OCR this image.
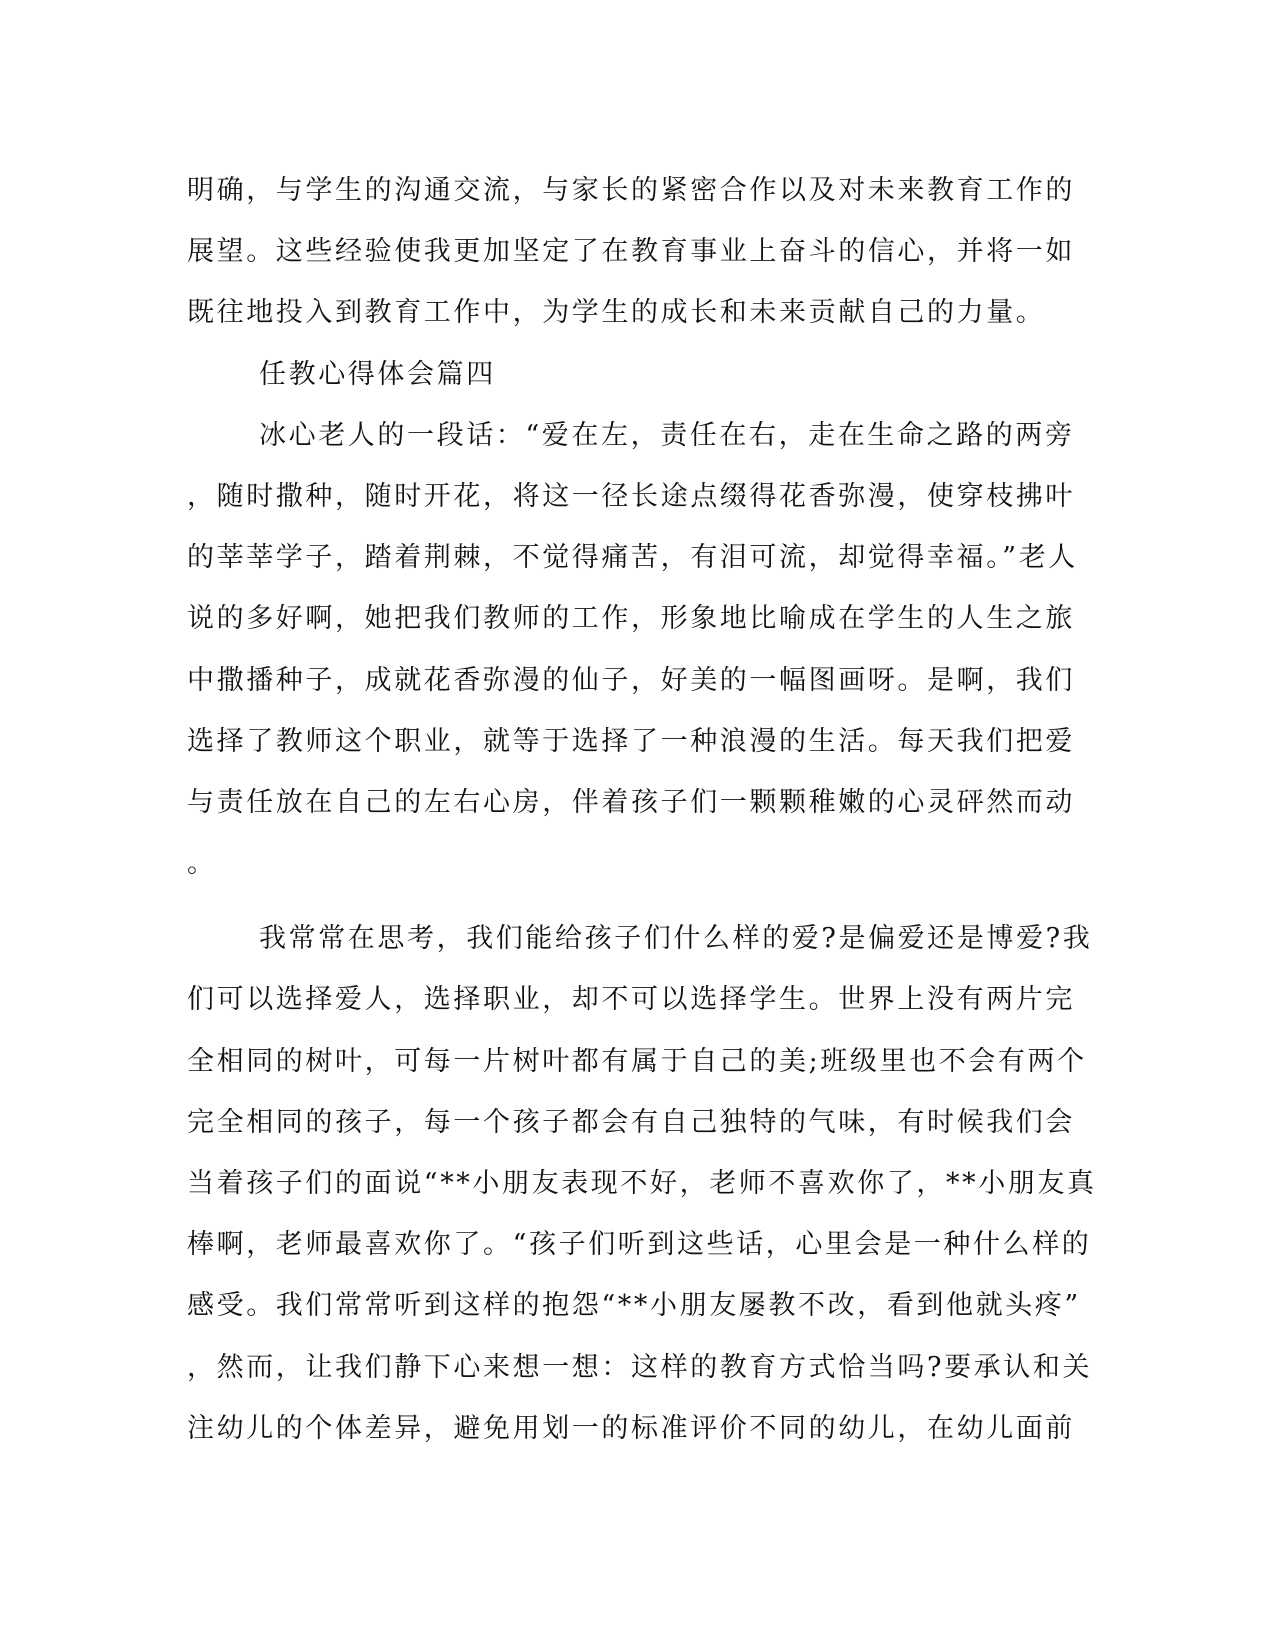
明确，与学生的沟通交流，与家长的紧密合作以及对未来教育工作的
展望。这些经验使我更加坚定了在教育事业上奋斗的信心，并将一如
既往地投入到教育工作中，为学生的成长和未来贡献自己的力量。
任教心得体会篇四
冰心老人的一段话：“爱在左，责任在右，走在生命之路的两旁
，随时撒种，随时开花，将这一径长途点缀得花香弥漫，使穿枝拂叶
的莘莘学子，踏着荆棘，不觉得痛苦，有泪可流，却觉得幸福。”老人
说的多好啊，她把我们教师的工作，形象地比喻成在学生的人生之旅
中撒播种子，成就花香弥漫的仙子，好美的一幅图画呀。是啊，我们
选择了教师这个职业，就等于选择了一种浪漫的生活。每天我们把爱
与责任放在自己的左右心房，伴着孩子们一颗颗稚嫩的心灵砰然而动
。
我常常在思考，我们能给孩子们什么样的爱?是偏爱还是博爱?我
们可以选择爱人，选择职业，却不可以选择学生。世界上没有两片完
全相同的树叶，可每一片树叶都有属于自己的美;班级里也不会有两个
完全相同的孩子，每一个孩子都会有自己独特的气味，有时候我们会
当着孩子们的面说“**小朋友表现不好，老师不喜欢你了，**小朋友真
棒啊，老师最喜欢你了。“孩子们听到这些话，心里会是一种什么样的
感受。我们常常听到这样的抱怨“**小朋友屡教不改，看到他就头疼”
，然而，让我们静下心来想一想：这样的教育方式恰当吗?要承认和关
注幼儿的个体差异，避免用划一的标准评价不同的幼儿，在幼儿面前
